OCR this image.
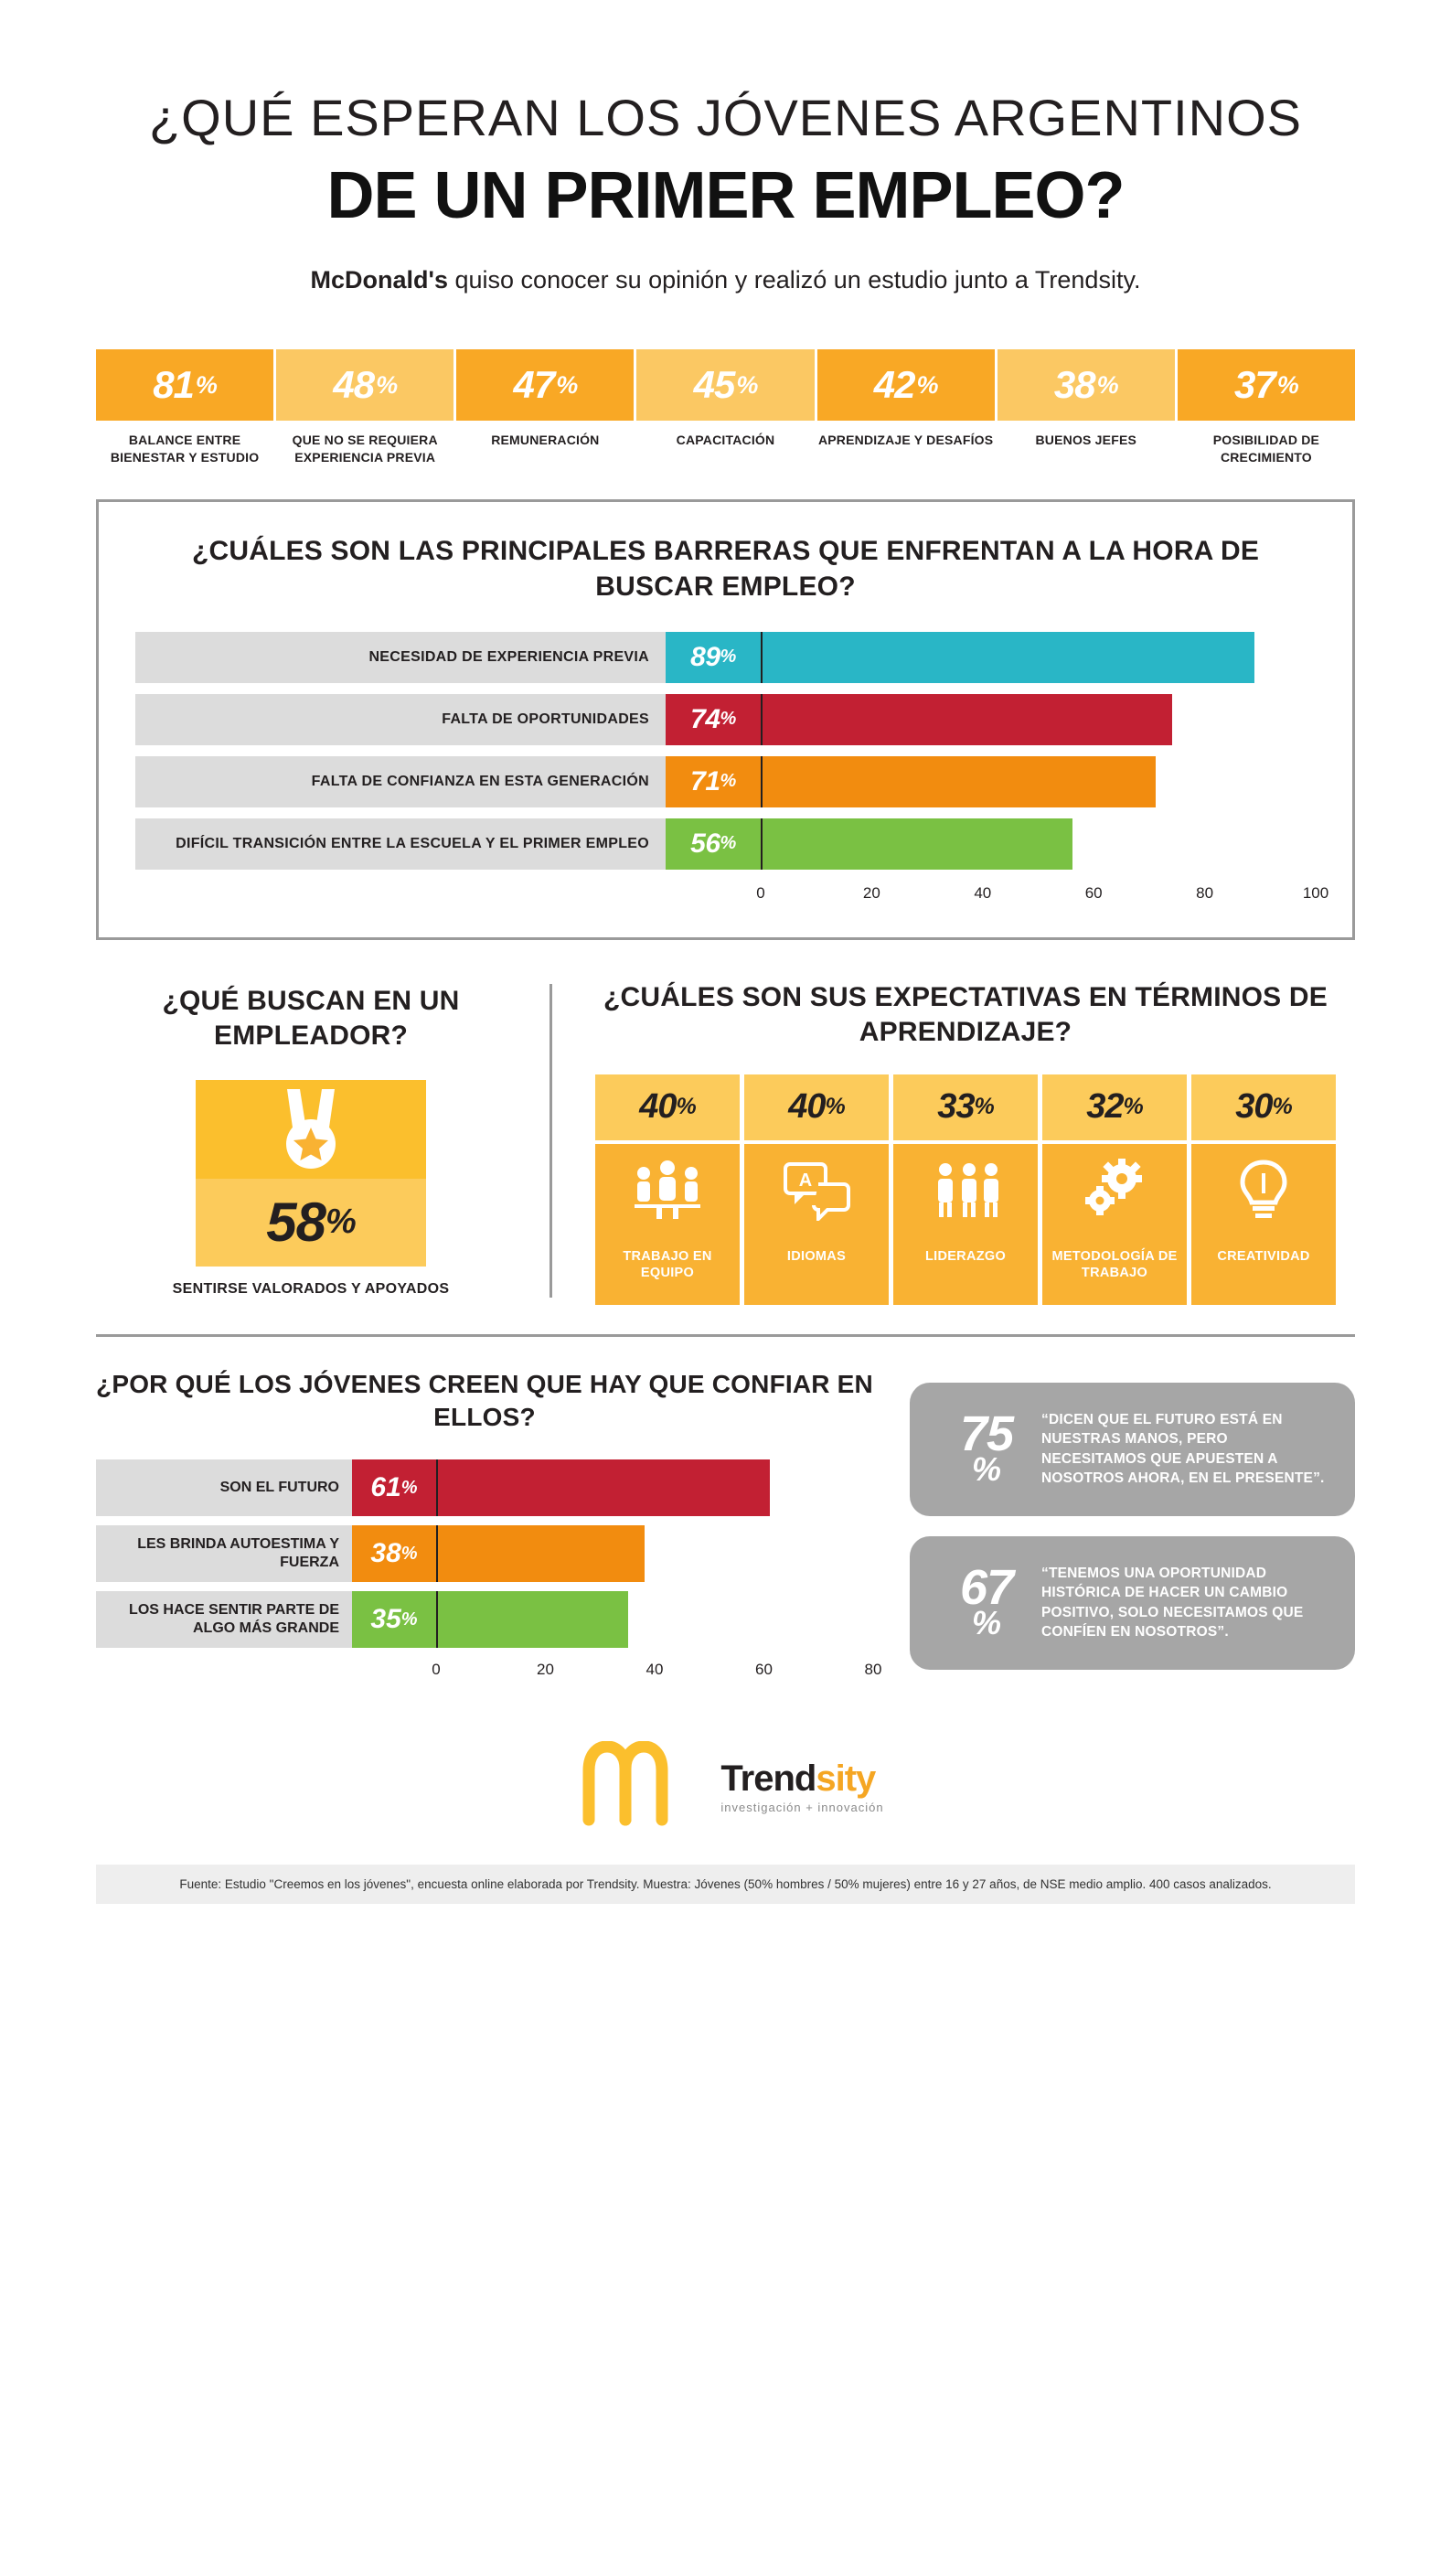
¿QUÉ ESPERAN LOS JÓVENES ARGENTINOS
DE UN PRIMER EMPLEO?
McDonald's quiso conocer su opinión y realizó un estudio junto a Trendsity.
81 %
BALANCE ENTRE BIENESTAR Y ESTUDIO
48 %
QUE NO SE REQUIERA EXPERIENCIA PREVIA
47 %
REMUNERACIÓN
45 %
CAPACITACIÓN
42 %
APRENDIZAJE Y DESAFÍOS
38 %
BUENOS JEFES
37 %
POSIBILIDAD DE CRECIMIENTO
¿CUÁLES SON LAS PRINCIPALES BARRERAS QUE ENFRENTAN A LA HORA DE BUSCAR EMPLEO?
NECESIDAD DE EXPERIENCIA PREVIA	89 %
FALTA DE OPORTUNIDADES	74 %
FALTA DE CONFIANZA EN ESTA GENERACIÓN	71 %
DIFÍCIL TRANSICIÓN ENTRE LA ESCUELA Y EL PRIMER EMPLEO	56 %
0	20	40	60	80	100
¿QUÉ BUSCAN EN UN EMPLEADOR?
58 %
SENTIRSE VALORADOS Y APOYADOS
¿CUÁLES SON SUS EXPECTATIVAS EN TÉRMINOS DE APRENDIZAJE?
40 %
TRABAJO EN EQUIPO
40 %
A
IDIOMAS
33 %
LIDERAZGO
32 %
METODOLOGÍA DE TRABAJO
30 %
CREATIVIDAD
¿POR QUÉ LOS JÓVENES CREEN QUE HAY QUE CONFIAR EN ELLOS?
SON EL FUTURO	61 %
LES BRINDA AUTOESTIMA Y FUERZA	38 %
LOS HACE SENTIR PARTE DE ALGO MÁS GRANDE	35 %
0	20	40	60	80
75
%
“DICEN QUE EL FUTURO ESTÁ EN NUESTRAS MANOS, PERO NECESITAMOS QUE APUESTEN A NOSOTROS AHORA, EN EL PRESENTE”.
67
%
“TENEMOS UNA OPORTUNIDAD HISTÓRICA DE HACER UN CAMBIO POSITIVO, SOLO NECESITAMOS QUE CONFÍEN EN NOSOTROS”.
Trendsity
investigación + innovación
Fuente: Estudio "Creemos en los jóvenes", encuesta online elaborada por Trendsity. Muestra: Jóvenes (50% hombres / 50% mujeres) entre 16 y 27 años, de NSE medio amplio. 400 casos analizados.
